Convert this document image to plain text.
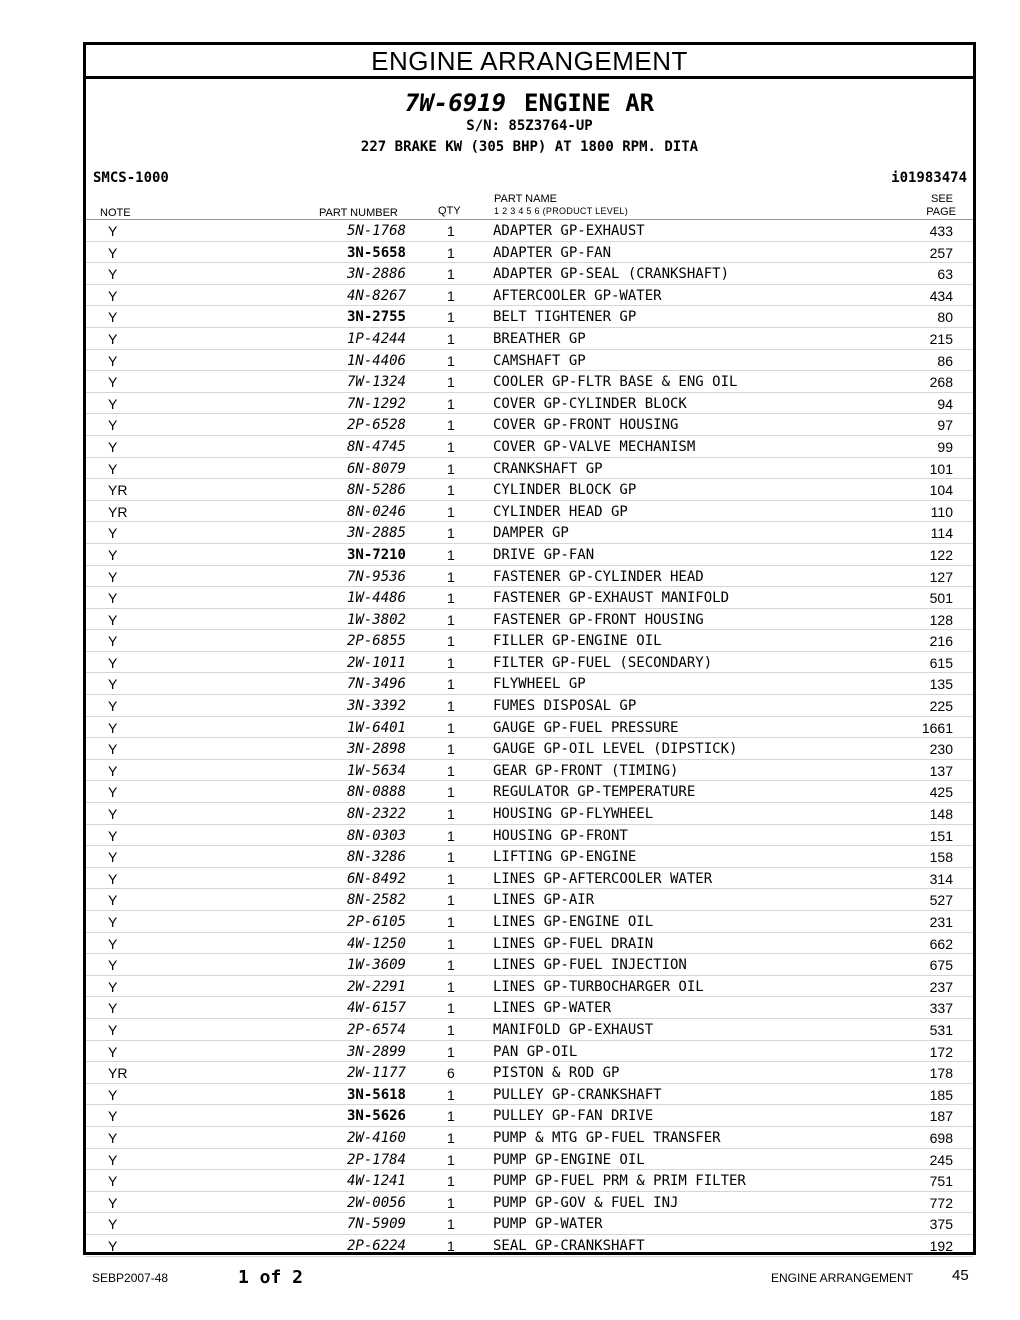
ENGINE ARRANGEMENT
7W-6919 ENGINE AR
S/N: 85Z3764-UP
227 BRAKE KW (305 BHP) AT 1800 RPM. DITA
SMCS-1000	i01983474
NOTE	PART NUMBER	QTY
PART NAME
1 2 3 4 5 6 (PRODUCT LEVEL)
SEE
PAGE
Y	5N-1768	1	ADAPTER GP-EXHAUST	433
Y	3N-5658	1	ADAPTER GP-FAN	257
Y	3N-2886	1	ADAPTER GP-SEAL (CRANKSHAFT)	63
Y	4N-8267	1	AFTERCOOLER GP-WATER	434
Y	3N-2755	1	BELT TIGHTENER GP	80
Y	1P-4244	1	BREATHER GP	215
Y	1N-4406	1	CAMSHAFT GP	86
Y	7W-1324	1	COOLER GP-FLTR BASE & ENG OIL	268
Y	7N-1292	1	COVER GP-CYLINDER BLOCK	94
Y	2P-6528	1	COVER GP-FRONT HOUSING	97
Y	8N-4745	1	COVER GP-VALVE MECHANISM	99
Y	6N-8079	1	CRANKSHAFT GP	101
YR	8N-5286	1	CYLINDER BLOCK GP	104
YR	8N-0246	1	CYLINDER HEAD GP	110
Y	3N-2885	1	DAMPER GP	114
Y	3N-7210	1	DRIVE GP-FAN	122
Y	7N-9536	1	FASTENER GP-CYLINDER HEAD	127
Y	1W-4486	1	FASTENER GP-EXHAUST MANIFOLD	501
Y	1W-3802	1	FASTENER GP-FRONT HOUSING	128
Y	2P-6855	1	FILLER GP-ENGINE OIL	216
Y	2W-1011	1	FILTER GP-FUEL (SECONDARY)	615
Y	7N-3496	1	FLYWHEEL GP	135
Y	3N-3392	1	FUMES DISPOSAL GP	225
Y	1W-6401	1	GAUGE GP-FUEL PRESSURE	1661
Y	3N-2898	1	GAUGE GP-OIL LEVEL (DIPSTICK)	230
Y	1W-5634	1	GEAR GP-FRONT (TIMING)	137
Y	8N-0888	1	REGULATOR GP-TEMPERATURE	425
Y	8N-2322	1	HOUSING GP-FLYWHEEL	148
Y	8N-0303	1	HOUSING GP-FRONT	151
Y	8N-3286	1	LIFTING GP-ENGINE	158
Y	6N-8492	1	LINES GP-AFTERCOOLER WATER	314
Y	8N-2582	1	LINES GP-AIR	527
Y	2P-6105	1	LINES GP-ENGINE OIL	231
Y	4W-1250	1	LINES GP-FUEL DRAIN	662
Y	1W-3609	1	LINES GP-FUEL INJECTION	675
Y	2W-2291	1	LINES GP-TURBOCHARGER OIL	237
Y	4W-6157	1	LINES GP-WATER	337
Y	2P-6574	1	MANIFOLD GP-EXHAUST	531
Y	3N-2899	1	PAN GP-OIL	172
YR	2W-1177	6	PISTON & ROD GP	178
Y	3N-5618	1	PULLEY GP-CRANKSHAFT	185
Y	3N-5626	1	PULLEY GP-FAN DRIVE	187
Y	2W-4160	1	PUMP & MTG GP-FUEL TRANSFER	698
Y	2P-1784	1	PUMP GP-ENGINE OIL	245
Y	4W-1241	1	PUMP GP-FUEL PRM & PRIM FILTER	751
Y	2W-0056	1	PUMP GP-GOV & FUEL INJ	772
Y	7N-5909	1	PUMP GP-WATER	375
Y	2P-6224	1	SEAL GP-CRANKSHAFT	192
SEBP2007-48	1 of 2	ENGINE ARRANGEMENT	45
